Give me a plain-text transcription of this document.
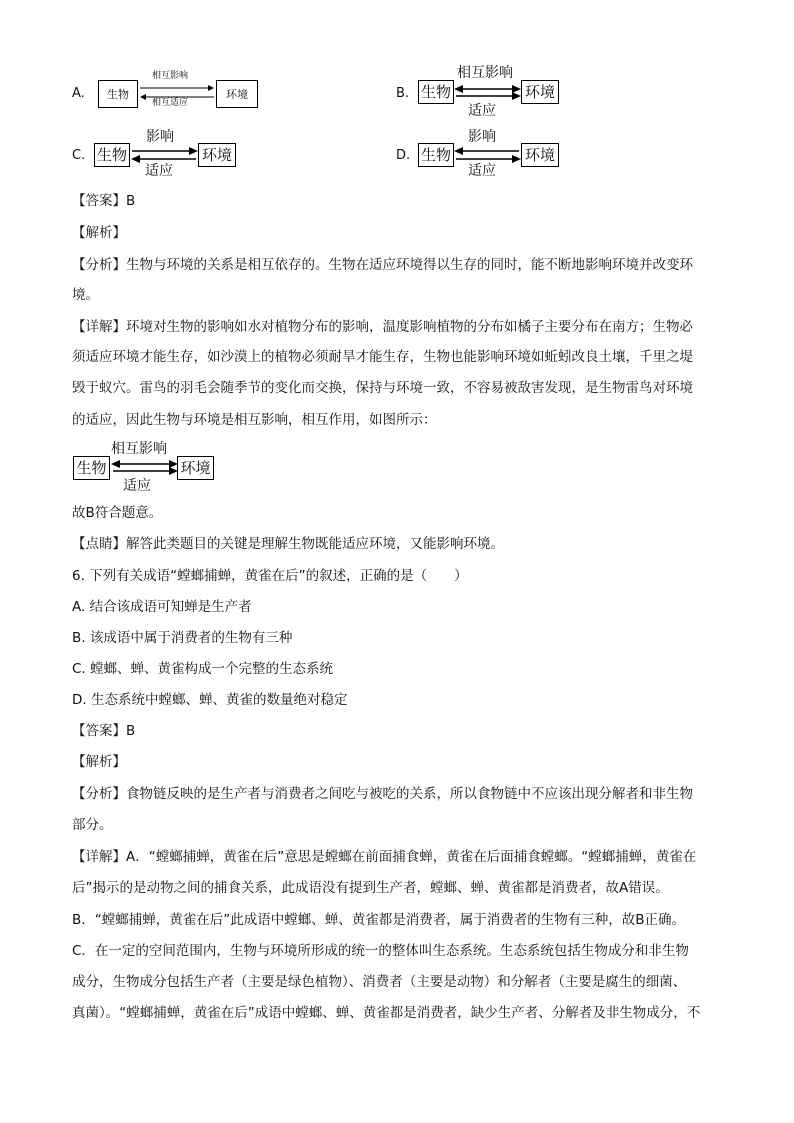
A.	生物	环境
相互影响
相互适应
B. 生物	环境
相互影响
适应
C. 生物	环境
影响
适应
D. 生物	环境
影响
适应
【答案】B
【解析】
【分析】生物与环境的关系是相互依存的。生物在适应环境得以生存的同时，能不断地影响环境并改变环
境。
【详解】环境对生物的影响如水对植物分布的影响，温度影响植物的分布如橘子主要分布在南方；生物必
须适应环境才能生存，如沙漠上的植物必须耐旱才能生存，生物也能影响环境如蚯蚓改良土壤，千里之堤
毁于蚁穴。雷鸟的羽毛会随季节的变化而交换，保持与环境一致，不容易被敌害发现，是生物雷鸟对环境
的适应，因此生物与环境是相互影响，相互作用，如图所示：
生物	环境
相互影响
适应
故B符合题意。
【点睛】解答此类题目的关键是理解生物既能适应环境，又能影响环境。
6. 下列有关成语“螳螂捕蝉，黄雀在后”的叙述，正确的是（　　）
A. 结合该成语可知蝉是生产者
B. 该成语中属于消费者的生物有三种
C. 螳螂、蝉、黄雀构成一个完整的生态系统
D. 生态系统中螳螂、蝉、黄雀的数量绝对稳定
【答案】B
【解析】
【分析】食物链反映的是生产者与消费者之间吃与被吃的关系，所以食物链中不应该出现分解者和非生物
部分。
【详解】A．“螳螂捕蝉，黄雀在后”意思是螳螂在前面捕食蝉，黄雀在后面捕食螳螂。“螳螂捕蝉，黄雀在
后”揭示的是动物之间的捕食关系，此成语没有提到生产者，螳螂、蝉、黄雀都是消费者，故A错误。
B．“螳螂捕蝉，黄雀在后”此成语中螳螂、蝉、黄雀都是消费者，属于消费者的生物有三种，故B正确。
C．在一定的空间范围内，生物与环境所形成的统一的整体叫生态系统。生态系统包括生物成分和非生物
成分，生物成分包括生产者（主要是绿色植物）、消费者（主要是动物）和分解者（主要是腐生的细菌、
真菌）。“螳螂捕蝉，黄雀在后”成语中螳螂、蝉、黄雀都是消费者，缺少生产者、分解者及非生物成分，不
